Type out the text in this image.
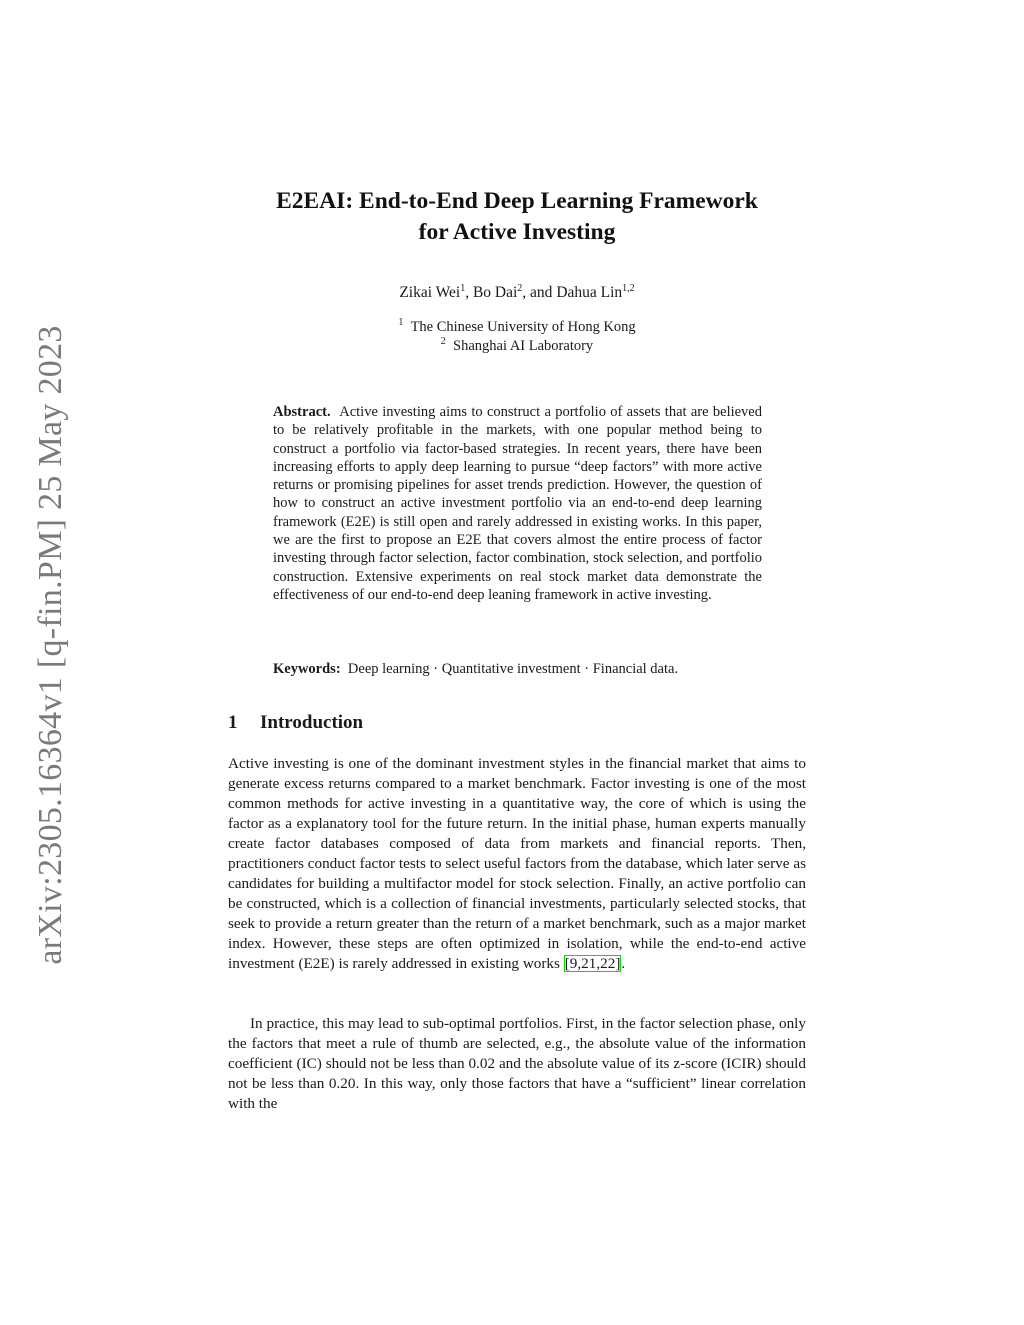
arXiv:2305.16364v1 [q-fin.PM] 25 May 2023
E2EAI: End-to-End Deep Learning Framework
for Active Investing
Zikai Wei$^1$, Bo Dai$^2$, and Dahua Lin$^{1,2}$
$^1$ The Chinese University of Hong Kong
$^2$ Shanghai AI Laboratory
Abstract. Active investing aims to construct a portfolio of assets that are believed to be relatively profitable in the markets, with one popular method being to construct a portfolio via factor-based strategies. In recent years, there have been increasing efforts to apply deep learning to pursue “deep factors” with more active returns or promising pipelines for asset trends prediction. However, the question of how to construct an active investment portfolio via an end-to-end deep learning framework (E2E) is still open and rarely addressed in existing works. In this paper, we are the first to propose an E2E that covers almost the entire process of factor investing through factor selection, factor combination, stock selection, and portfolio construction. Extensive experiments on real stock market data demonstrate the effectiveness of our end-to-end deep leaning framework in active investing.
Keywords: Deep learning · Quantitative investment · Financial data.
1 Introduction
Active investing is one of the dominant investment styles in the financial market that aims to generate excess returns compared to a market benchmark. Factor investing is one of the most common methods for active investing in a quantitative way, the core of which is using the factor as a explanatory tool for the future return. In the initial phase, human experts manually create factor databases composed of data from markets and financial reports. Then, practitioners conduct factor tests to select useful factors from the database, which later serve as candidates for building a multifactor model for stock selection. Finally, an active portfolio can be constructed, which is a collection of financial investments, particularly selected stocks, that seek to provide a return greater than the return of a market benchmark, such as a major market index. However, these steps are often optimized in isolation, while the end-to-end active investment (E2E) is rarely addressed in existing works [9,21,22].
In practice, this may lead to sub-optimal portfolios. First, in the factor selection phase, only the factors that meet a rule of thumb are selected, e.g., the absolute value of the information coefficient (IC) should not be less than 0.02 and the absolute value of its z-score (ICIR) should not be less than 0.20. In this way, only those factors that have a “sufficient” linear correlation with the
